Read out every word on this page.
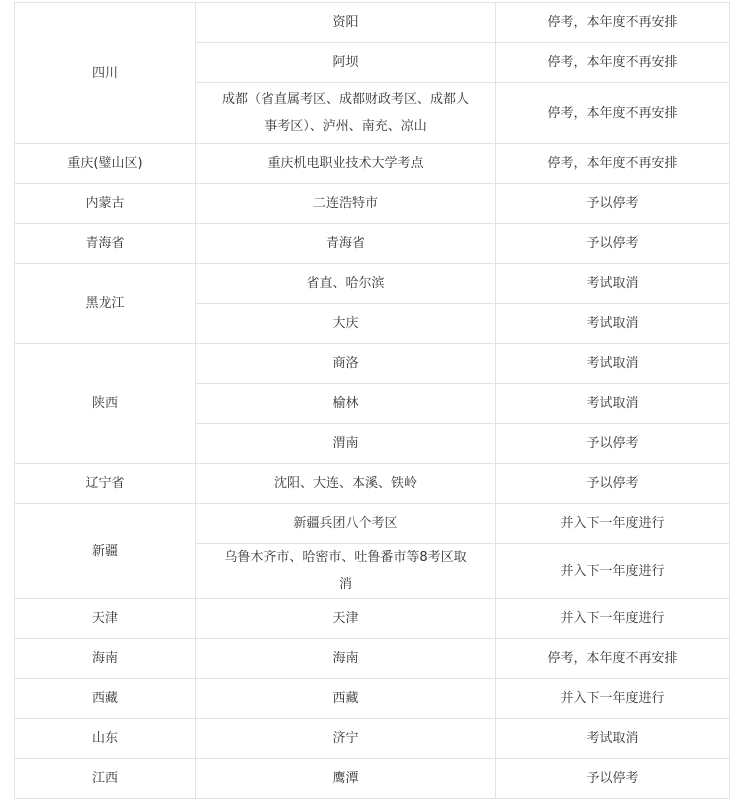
四川	资阳	停考，本年度不再安排
	阿坝	停考，本年度不再安排
	成都（省直属考区、成都财政考区、成都人事考区）、泸州、南充、凉山	停考，本年度不再安排
重庆(璧山区)	重庆机电职业技术大学考点	停考，本年度不再安排
内蒙古	二连浩特市	予以停考
青海省	青海省	予以停考
黑龙江	省直、哈尔滨	考试取消
	大庆	考试取消
陕西	商洛	考试取消
	榆林	考试取消
	渭南	予以停考
辽宁省	沈阳、大连、本溪、铁岭	予以停考
新疆	新疆兵团八个考区	并入下一年度进行
	乌鲁木齐市、哈密市、吐鲁番市等8考区取消	并入下一年度进行
天津	天津	并入下一年度进行
海南	海南	停考，本年度不再安排
西藏	西藏	并入下一年度进行
山东	济宁	考试取消
江西	鹰潭	予以停考
